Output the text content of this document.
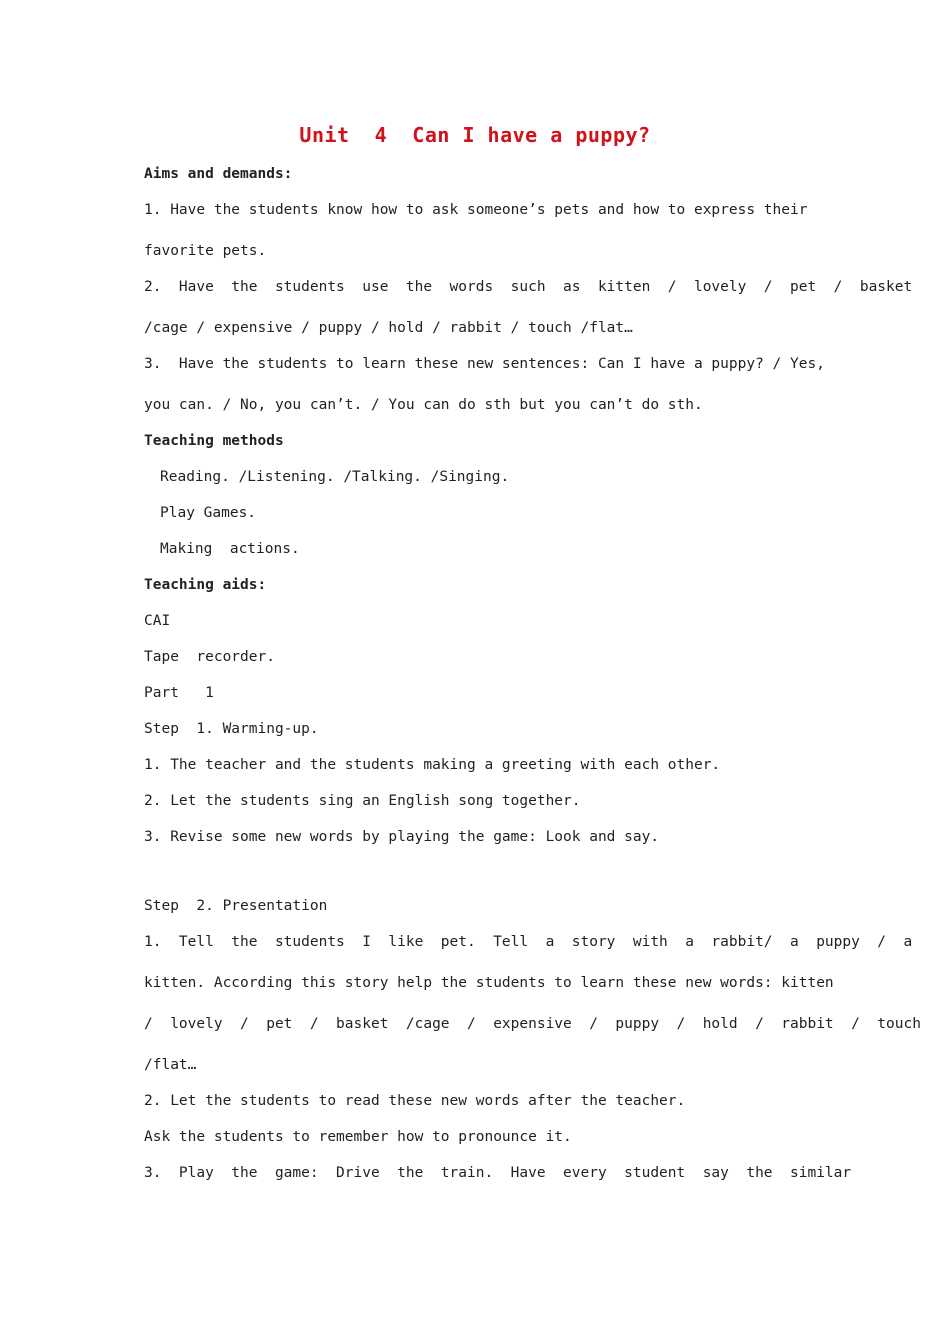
Unit  4  Can I have a puppy?
Aims and demands:
1. Have the students know how to ask someone’s pets and how to express their
favorite pets.
2.  Have  the  students  use  the  words  such  as  kitten  /  lovely  /  pet  /  basket
/cage / expensive / puppy / hold / rabbit / touch /flat…
3.  Have the students to learn these new sentences: Can I have a puppy? / Yes,
you can. / No, you can’t. / You can do sth but you can’t do sth.
Teaching methods
Reading. /Listening. /Talking. /Singing.
Play Games.
Making  actions.
Teaching aids:
CAI
Tape  recorder.
Part   1
Step  1. Warming-up.
1. The teacher and the students making a greeting with each other.
2. Let the students sing an English song together.
3. Revise some new words by playing the game: Look and say.
Step  2. Presentation
1.  Tell  the  students  I  like  pet.  Tell  a  story  with  a  rabbit/  a  puppy  /  a
kitten. According this story help the students to learn these new words: kitten
/  lovely  /  pet  /  basket  /cage  /  expensive  /  puppy  /  hold  /  rabbit  /  touch
/flat…
2. Let the students to read these new words after the teacher.
Ask the students to remember how to pronounce it.
3.  Play  the  game:  Drive  the  train.  Have  every  student  say  the  similar
